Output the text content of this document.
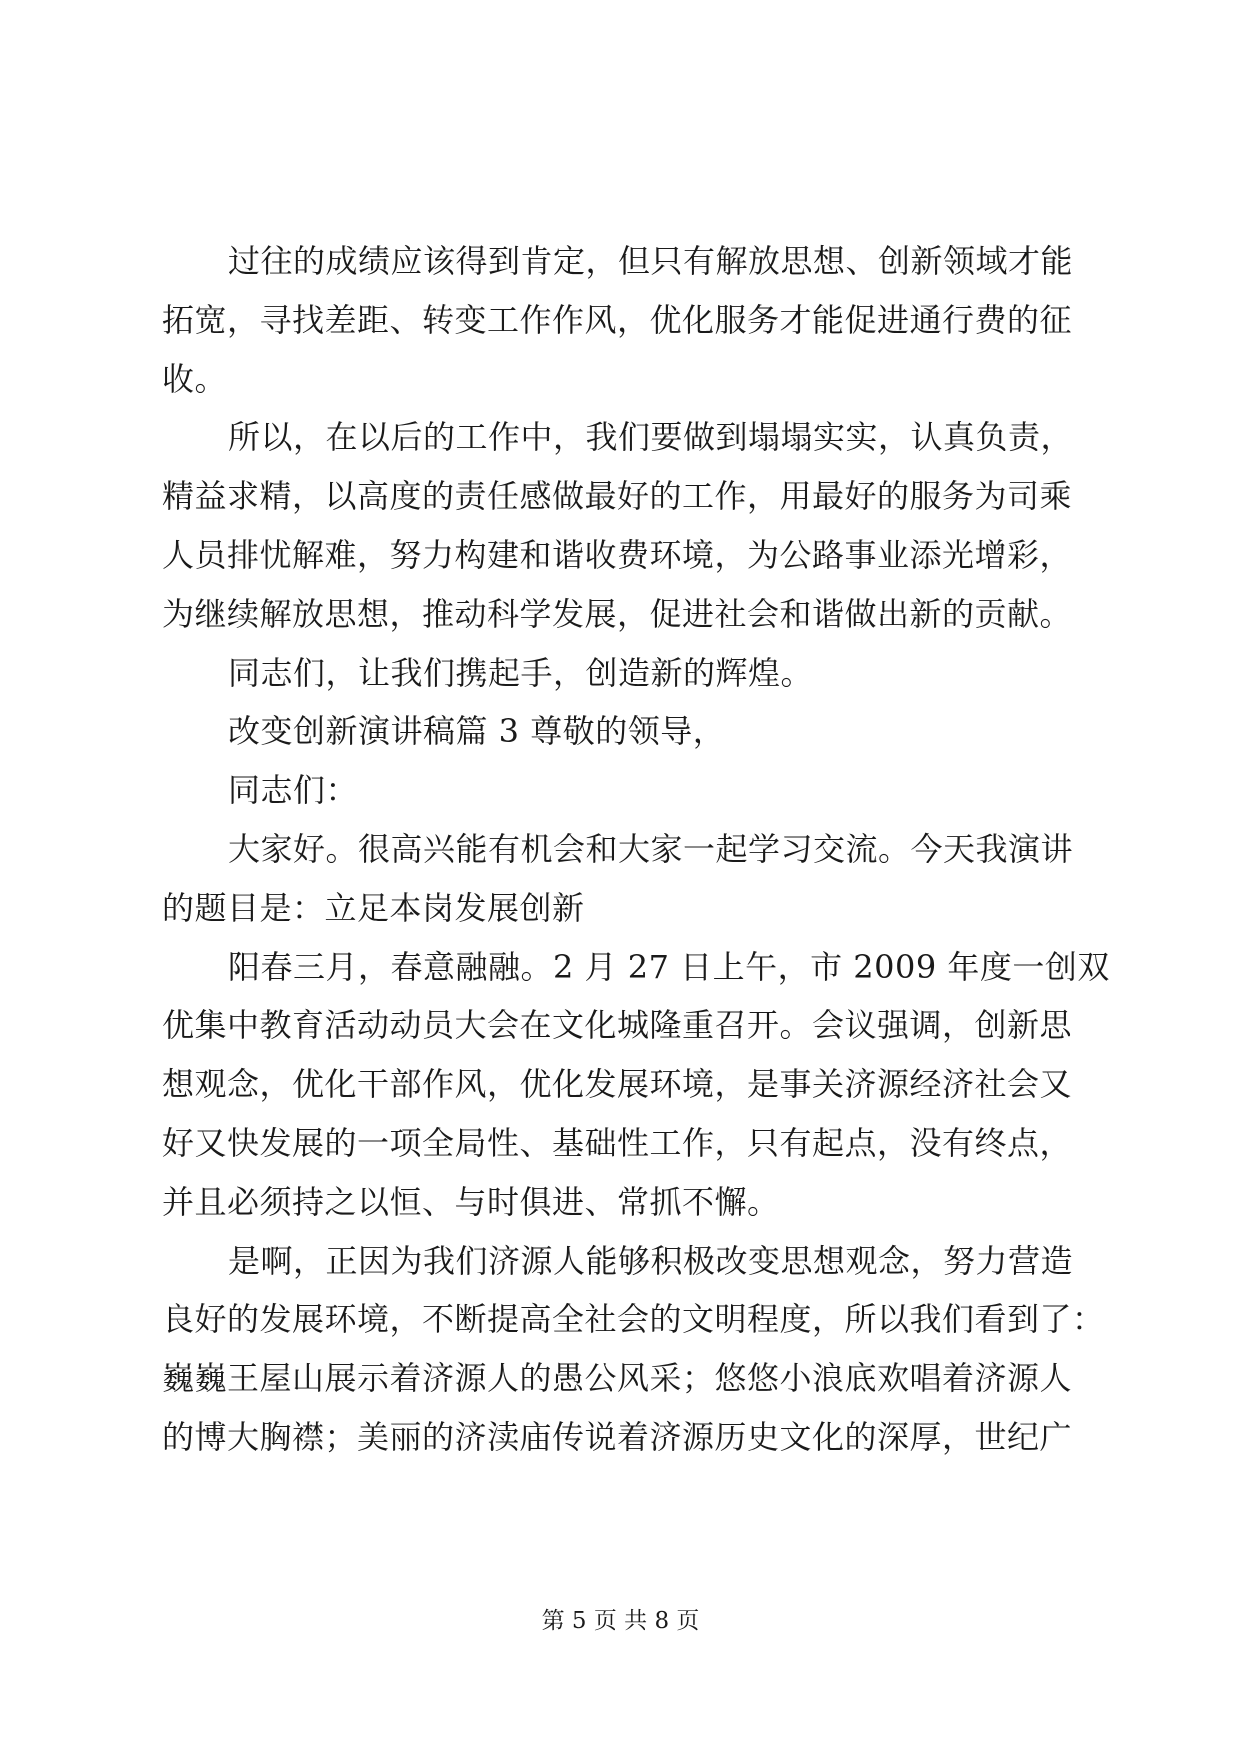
过往的成绩应该得到肯定，但只有解放思想、创新领域才能
拓宽，寻找差距、转变工作作风，优化服务才能促进通行费的征
收。
所以，在以后的工作中，我们要做到塌塌实实，认真负责，
精益求精，以高度的责任感做最好的工作，用最好的服务为司乘
人员排忧解难，努力构建和谐收费环境，为公路事业添光增彩，
为继续解放思想，推动科学发展，促进社会和谐做出新的贡献。
同志们，让我们携起手，创造新的辉煌。
改变创新演讲稿篇 3 尊敬的领导，
同志们：
大家好。很高兴能有机会和大家一起学习交流。今天我演讲
的题目是：立足本岗发展创新
阳春三月，春意融融。2 月 27 日上午，市 2009 年度一创双
优集中教育活动动员大会在文化城隆重召开。会议强调，创新思
想观念，优化干部作风，优化发展环境，是事关济源经济社会又
好又快发展的一项全局性、基础性工作，只有起点，没有终点，
并且必须持之以恒、与时俱进、常抓不懈。
是啊，正因为我们济源人能够积极改变思想观念，努力营造
良好的发展环境，不断提高全社会的文明程度，所以我们看到了：
巍巍王屋山展示着济源人的愚公风采；悠悠小浪底欢唱着济源人
的博大胸襟；美丽的济渎庙传说着济源历史文化的深厚，世纪广
第 5 页 共 8 页
